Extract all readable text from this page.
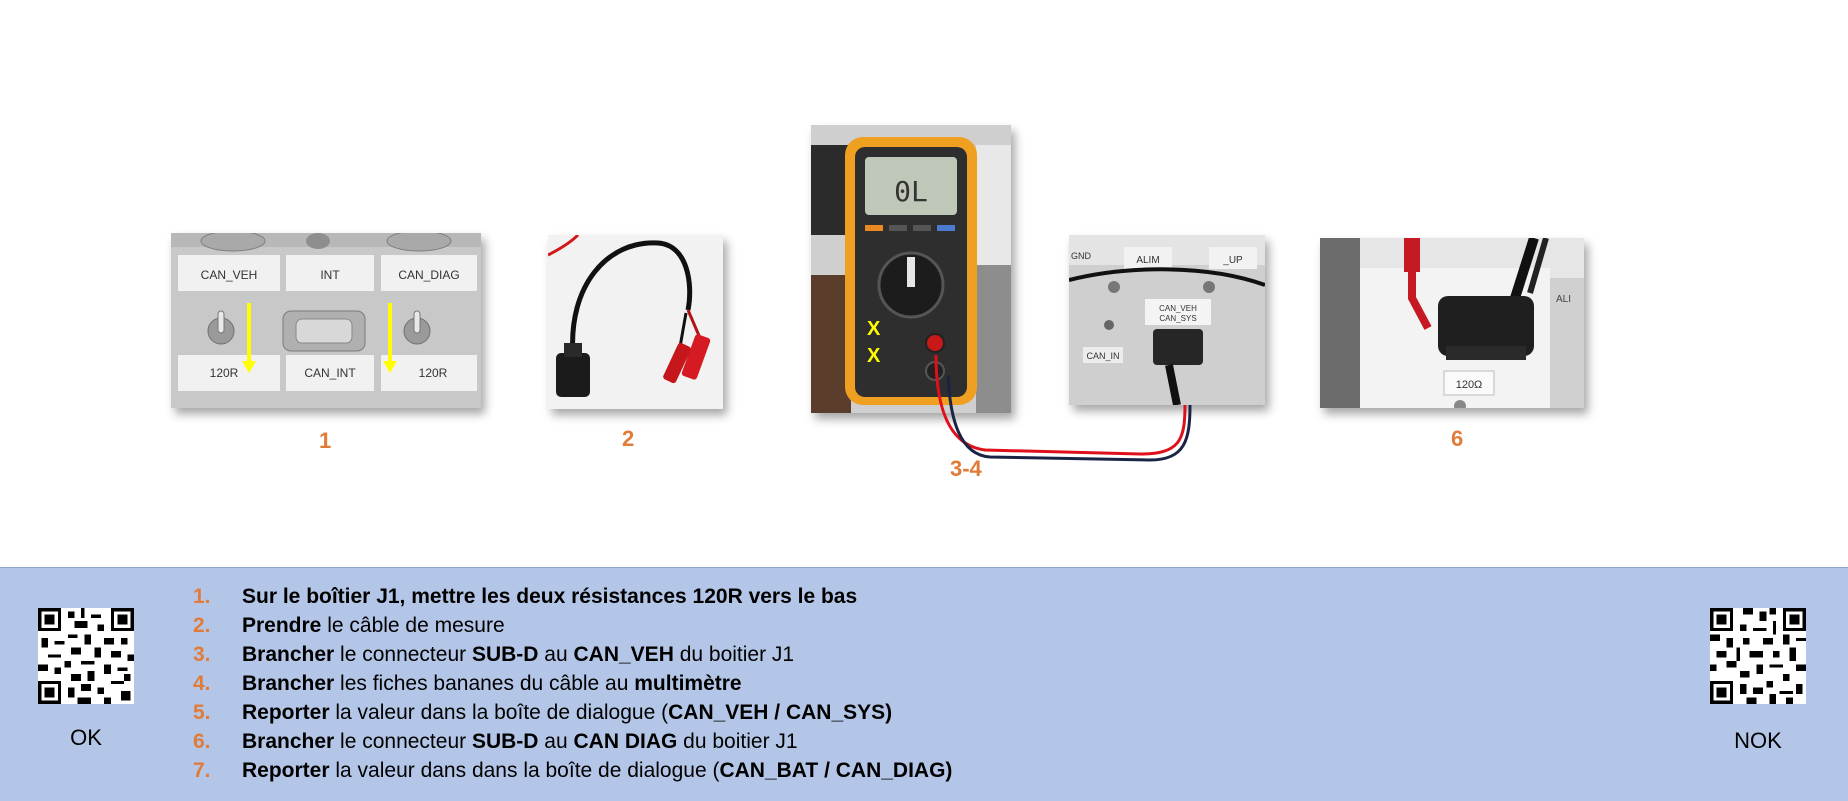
CAN_VEH	INT	CAN_DIAG
120R	CAN_INT	120R
1	2
0L
X
X
3-4
GND	ALIM	_UP
CAN_VEH
CAN_SYS
CAN_IN
ALI
120Ω
6
OK
1. Sur le boîtier J1, mettre les deux résistances 120R vers le bas
2. Prendre le câble de mesure
3. Brancher le connecteur SUB-D au CAN_VEH du boitier J1
4. Brancher les fiches bananes du câble au multimètre
5. Reporter la valeur dans la boîte de dialogue (CAN_VEH / CAN_SYS)
6. Brancher le connecteur SUB-D au CAN DIAG du boitier J1
7. Reporter la valeur dans dans la boîte de dialogue (CAN_BAT / CAN_DIAG)
NOK
